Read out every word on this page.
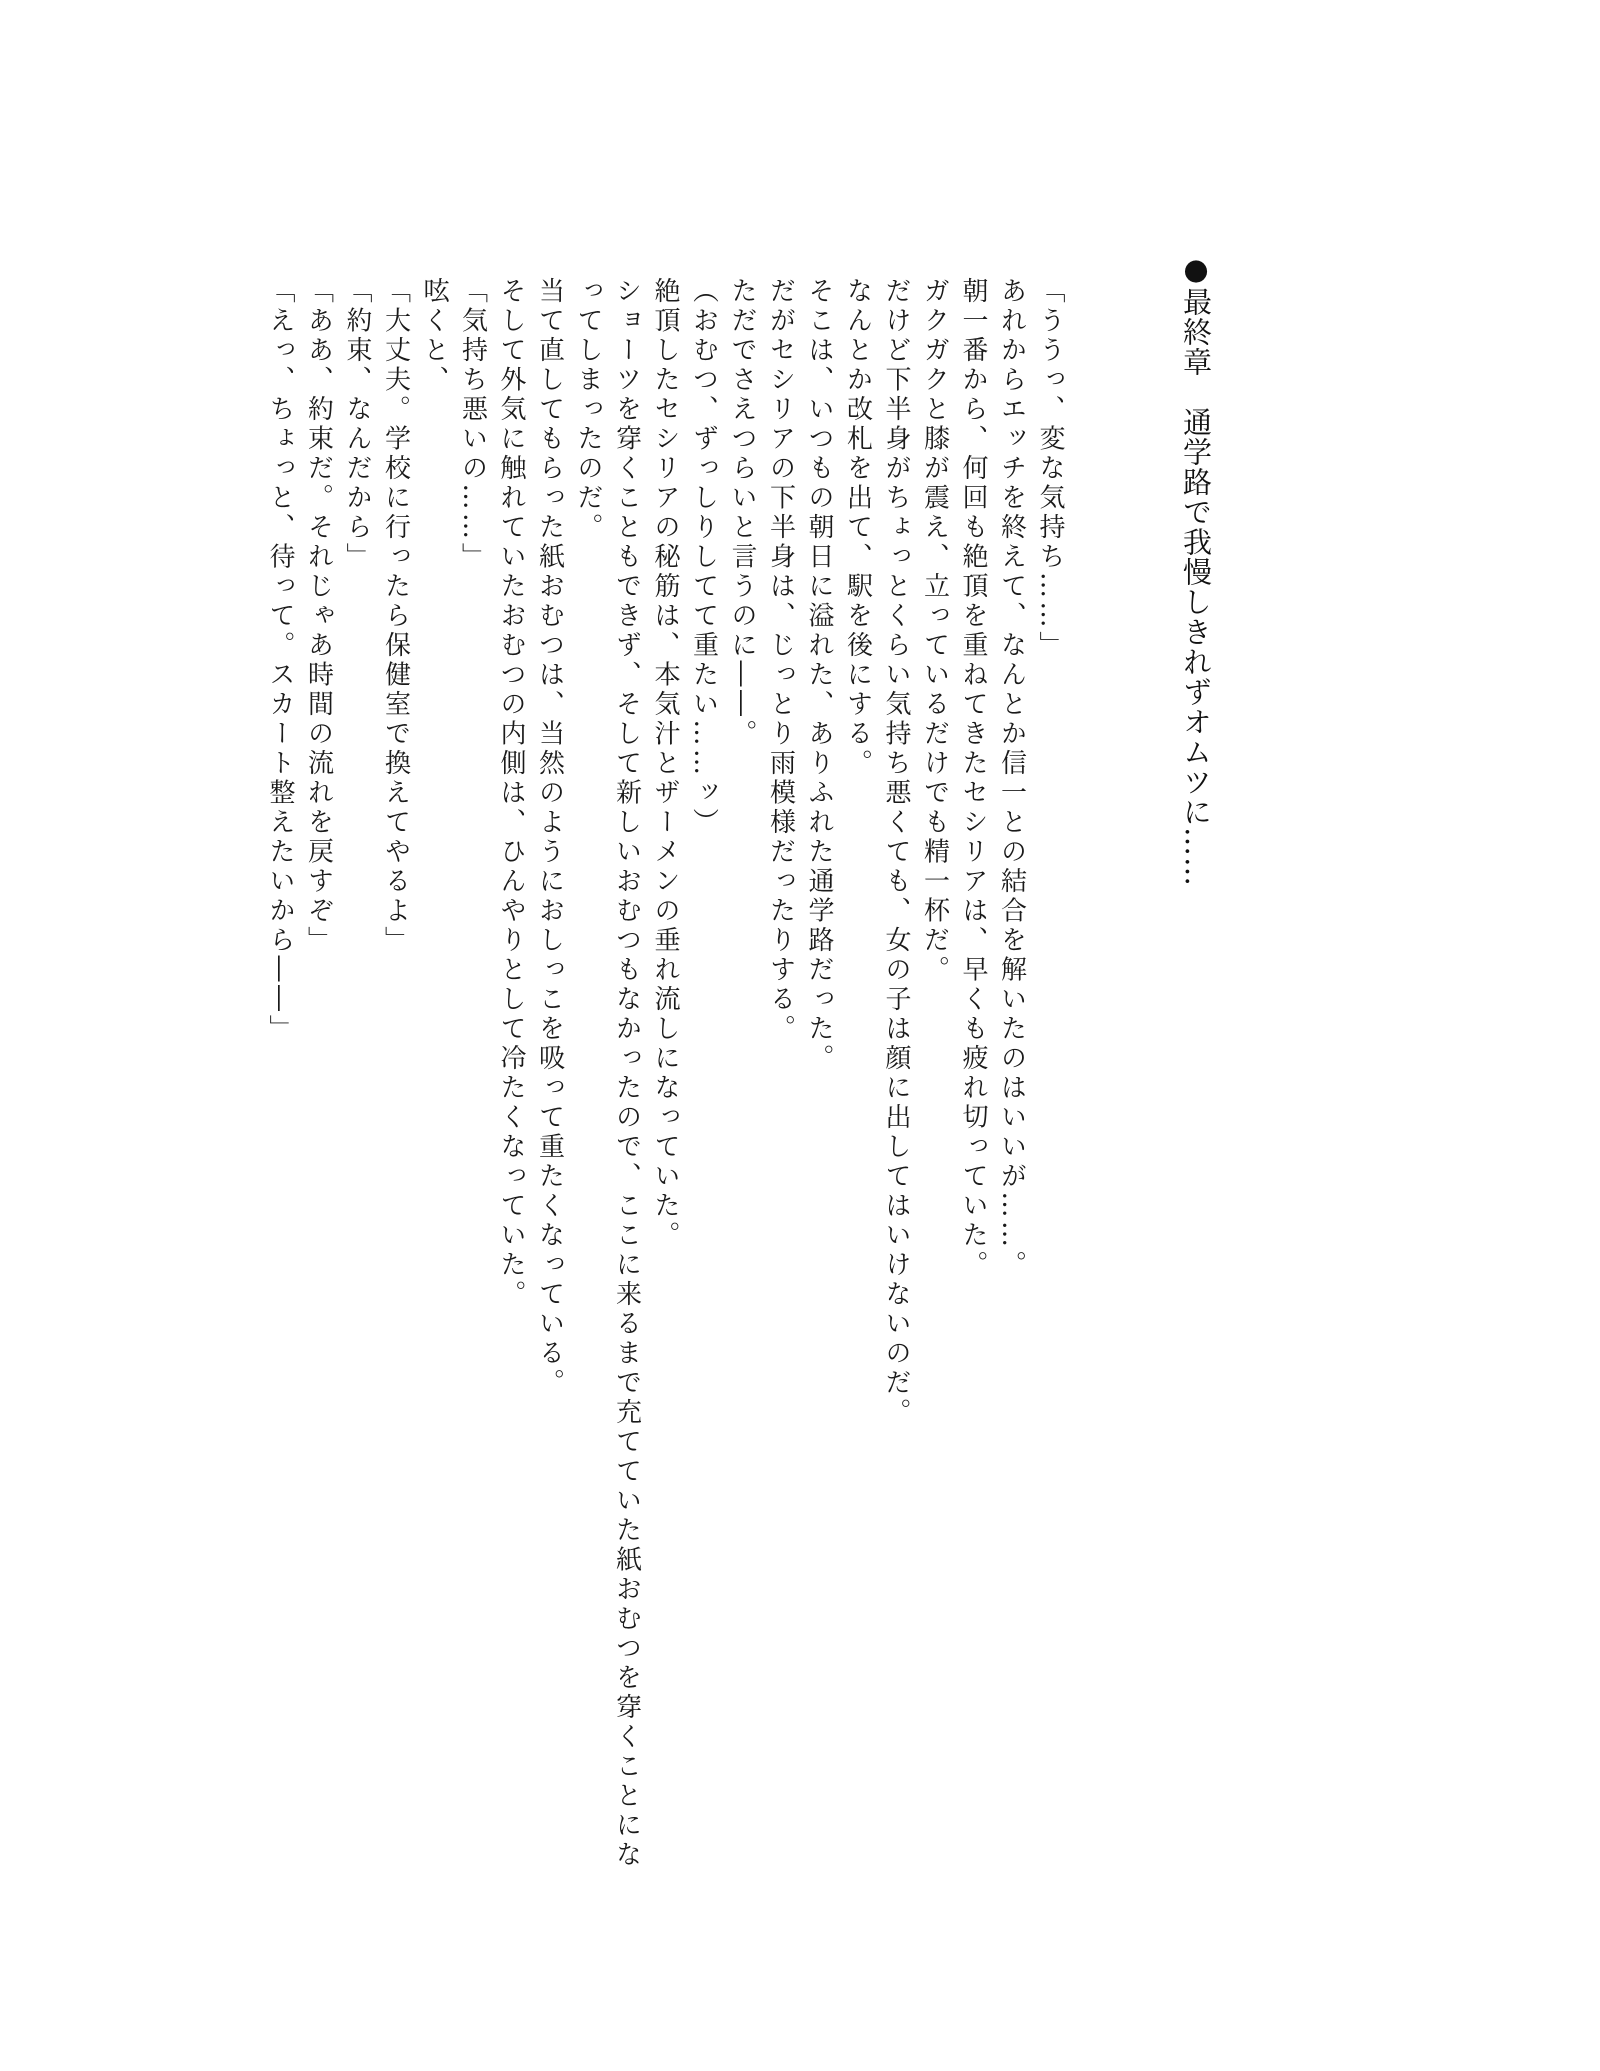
●最終章　通学路で我慢しきれずオムツに……

「ううっ、変な気持ち……」

あれからエッチを終えて、なんとか信一との結合を解いたのはいいが……。

朝一番から、何回も絶頂を重ねてきたセシリアは、早くも疲れ切っていた。

ガクガクと膝が震え、立っているだけでも精一杯だ。

だけど下半身がちょっとくらい気持ち悪くても、女の子は顔に出してはいけないのだ。

なんとか改札を出て、駅を後にする。

そこは、いつもの朝日に溢れた、ありふれた通学路だった。

だがセシリアの下半身は、じっとり雨模様だったりする。

ただでさえつらいと言うのに――。

（おむつ、ずっしりしてて重たい……ッ）

絶頂したセシリアの秘筋は、本気汁とザーメンの垂れ流しになっていた。

ショーツを穿くこともできず、そして新しいおむつもなかったので、ここに来るまで充てていた紙おむつを穿くことになってしまったのだ。

当て直してもらった紙おむつは、当然のようにおしっこを吸って重たくなっている。

そして外気に触れていたおむつの内側は、ひんやりとして冷たくなっていた。

「気持ち悪いの……」

呟くと、

「大丈夫。学校に行ったら保健室で換えてやるよ」

「約束、なんだから」

「ああ、約束だ。それじゃあ時間の流れを戻すぞ」

「えっ、ちょっと、待って。スカート整えたいから――」
